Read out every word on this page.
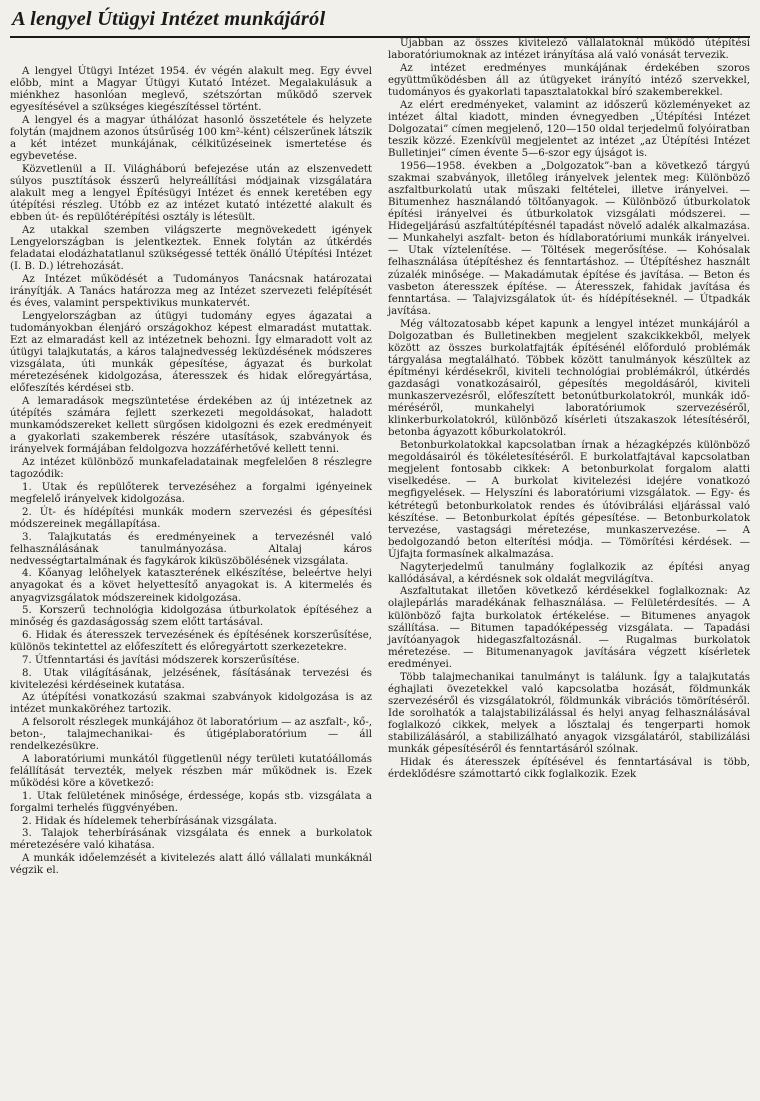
A lengyel Útügyi Intézet munkájáról

A lengyel Útügyi Intézet 1954. év végén alakult meg. Egy évvel előbb, mint a Magyar Útügyi Kutató Intézet. Megalakulásuk a miénkhez hasonlóan meglevő, szétszórtan működő szervek egyesítésével a szükséges kiegészítéssel történt.

A lengyel és a magyar úthálózat hasonló összetétele és helyzete folytán (majdnem azonos útsűrűség 100 km²-ként) célszerűnek látszik a két intézet munkájának, célkitűzéseinek ismertetése és egybevetése.

Közvetlenül a II. Világháború befejezése után az elszenvedett súlyos pusztítások ésszerű helyreállítási módjainak vizsgálatára alakult meg a lengyel Építésügyi Intézet és ennek keretében egy útépítési részleg. Utóbb ez az intézet kutató intézetté alakult és ebben út- és repülőtérépítési osztály is létesült.

Az utakkal szemben világszerte megnövekedett igények Lengyelországban is jelentkeztek. Ennek folytán az útkérdés feladatai elodázhatatlanul szükségessé tették önálló Útépítési Intézet (I. B. D.) létrehozását.

Az Intézet működését a Tudományos Tanácsnak határozatai irányítják. A Tanács határozza meg az Intézet szervezeti felépítését és éves, valamint perspektivikus munkatervét.

Lengyelországban az útügyi tudomány egyes ágazatai a tudományokban élenjáró országokhoz képest elmaradást mutattak. Ezt az elmaradást kell az intézetnek behozni. Így elmaradott volt az útügyi talajkutatás, a káros talajnedvesség leküzdésének módszeres vizsgálata, úti munkák gépesítése, ágyazat és burkolat méretezésének kidolgozása, áteresszek és hidak előregyártása, előfeszítés kérdései stb.

A lemaradások megszüntetése érdekében az új intézetnek az útépítés számára fejlett szerkezeti megoldásokat, haladott munkamódszereket kellett sürgősen kidolgozni és ezek eredményeit a gyakorlati szakemberek részére utasítások, szabványok és irányelvek formájában feldolgozva hozzáférhetővé kellett tenni.

Az intézet különböző munkafeladatainak megfelelően 8 részlegre tagozódik:

1. Utak és repülőterek tervezéséhez a forgalmi igényeinek megfelelő irányelvek kidolgozása.

2. Út- és hídépítési munkák modern szervezési és gépesítési módszereinek megállapítása.

3. Talajkutatás és eredményeinek a tervezésnél való felhasználásának tanulmányozása. Altalaj káros nedvességtartalmának és fagykárok kiküszöbölésének vizsgálata.

4. Kőanyag lelőhelyek kataszterének elkészítése, beleértve helyi anyagokat és a követ helyettesítő anyagokat is. A kitermelés és anyagvizsgálatok módszereinek kidolgozása.

5. Korszerű technológia kidolgozása útburkolatok építéséhez a minőség és gazdaságosság szem előtt tartásával.

6. Hidak és áteresszek tervezésének és építésének korszerűsítése, különös tekintettel az előfeszített és előregyártott szerkezetekre.

7. Útfenntartási és javítási módszerek korszerűsítése.

8. Utak világításának, jelzésének, fásításának tervezési és kivitelezési kérdéseinek kutatása.

Az útépítési vonatkozású szakmai szabványok kidolgozása is az intézet munkaköréhez tartozik.

A felsorolt részlegek munkájához öt laboratórium — az aszfalt-, kő-, beton-, talajmechanikai- és útigéplaboratórium — áll rendelkezésükre.

A laboratóriumi munkától függetlenül négy területi kutatóállomás felállítását tervezték, melyek részben már működnek is. Ezek működési köre a következő:

1. Utak felületének minősége, érdessége, kopás stb. vizsgálata a forgalmi terhelés függvényében.

2. Hidak és hídelemek teherbírásának vizsgálata.

3. Talajok teherbírásának vizsgálata és ennek a burkolatok méretezésére való kihatása.

A munkák időelemzését a kivitelezés alatt álló vállalati munkáknál végzik el.

Újabban az összes kivitelező vállalatoknál működő útépítési laboratóriumoknak az intézet irányítása alá való vonását tervezik.

Az intézet eredményes munkájának érdekében szoros együttműködésben áll az útügyeket irányító intéző szervekkel, tudományos és gyakorlati tapasztalatokkal bíró szakemberekkel.

Az elért eredményeket, valamint az időszerű közleményeket az intézet által kiadott, minden évnegyedben „Útépítési Intézet Dolgozatai” címen megjelenő, 120—150 oldal terjedelmű folyóiratban teszik közzé. Ezenkívül megjelentet az intézet „az Útépítési Intézet Bulletinjei” címen évente 5—6-szor egy újságot is.

1956—1958. években a „Dolgozatok”-ban a következő tárgyú szakmai szabványok, illetőleg irányelvek jelentek meg: Különböző aszfaltburkolatú utak műszaki feltételei, illetve irányelvei. — Bitumenhez használandó töltőanyagok. — Különböző útburkolatok építési irányelvei és útburkolatok vizsgálati módszerei. — Hidegeljárású aszfaltútépítésnél tapadást növelő adalék alkalmazása. — Munkahelyi aszfalt- beton és hídlaboratóriumi munkák irányelvei. — Utak víztelenítése. — Töltések megerősítése. — Kohósalak felhasználása útépítéshez és fenntartáshoz. — Útépítéshez használt zúzalék minősége. — Makadámutak építése és javítása. — Beton és vasbeton áteresszek építése. — Áteresszek, fahidak javítása és fenntartása. — Talajvizsgálatok út- és hídépítéseknél. — Útpadkák javítása.

Még változatosabb képet kapunk a lengyel intézet munkájáról a Dolgozatban és Bulletinekben megjelent szakcikkekből, melyek között az összes burkolatfajták építésénél előforduló problémák tárgyalása megtalálható. Többek között tanulmányok készültek az építményi kérdésekről, kiviteli technológiai problémákról, útkérdés gazdasági vonatkozásairól, gépesítés megoldásáról, kiviteli munkaszervezésről, előfeszített betonútburkolatokról, munkák idő-méréséről, munkahelyi laboratóriumok szervezéséről, klinkerburkolatokról, különböző kísérleti útszakaszok létesítéséről, betonba ágyazott kőburkolatokról.

Betonburkolatokkal kapcsolatban írnak a hézagképzés különböző megoldásairól és tökéletesítéséről. E burkolatfajtával kapcsolatban megjelent fontosabb cikkek: A betonburkolat forgalom alatti viselkedése. — A burkolat kivitelezési idejére vonatkozó megfigyelések. — Helyszíni és laboratóriumi vizsgálatok. — Egy- és kétrétegű betonburkolatok rendes és útóvibrálási eljárással való készítése. — Betonburkolat építés gépesítése. — Betonburkolatok tervezése, vastagsági méretezése, munkaszervezése. — A bedolgozandó beton elterítési módja. — Tömörítési kérdések. — Újfajta formasínek alkalmazása.

Nagyterjedelmű tanulmány foglalkozik az építési anyag kallódásával, a kérdésnek sok oldalát megvilágítva.

Aszfaltutakat illetően következő kérdésekkel foglalkoznak: Az olajlepárlás maradékának felhasználása. — Felületérdesítés. — A különböző fajta burkolatok értékelése. — Bitumenes anyagok szállítása. — Bitumen tapadóképesség vizsgálata. — Tapadási javítóanyagok hidegaszfaltozásnál. — Rugalmas burkolatok méretezése. — Bitumenanyagok javítására végzett kísérletek eredményei.

Több talajmechanikai tanulmányt is találunk. Így a talajkutatás éghajlati övezetekkel való kapcsolatba hozását, földmunkák szervezéséről és vizsgálatokról, földmunkák vibrációs tömörítéséről. Ide sorolhatók a talajstabilizálással és helyi anyag felhasználásával foglalkozó cikkek, melyek a lősztalaj és tengerparti homok stabilizálásáról, a stabilizálható anyagok vizsgálatáról, stabilizálási munkák gépesítéséről és fenntartásáról szólnak.

Hidak és áteresszek építésével és fenntartásával is több, érdeklődésre számottartó cikk foglalkozik. Ezek
